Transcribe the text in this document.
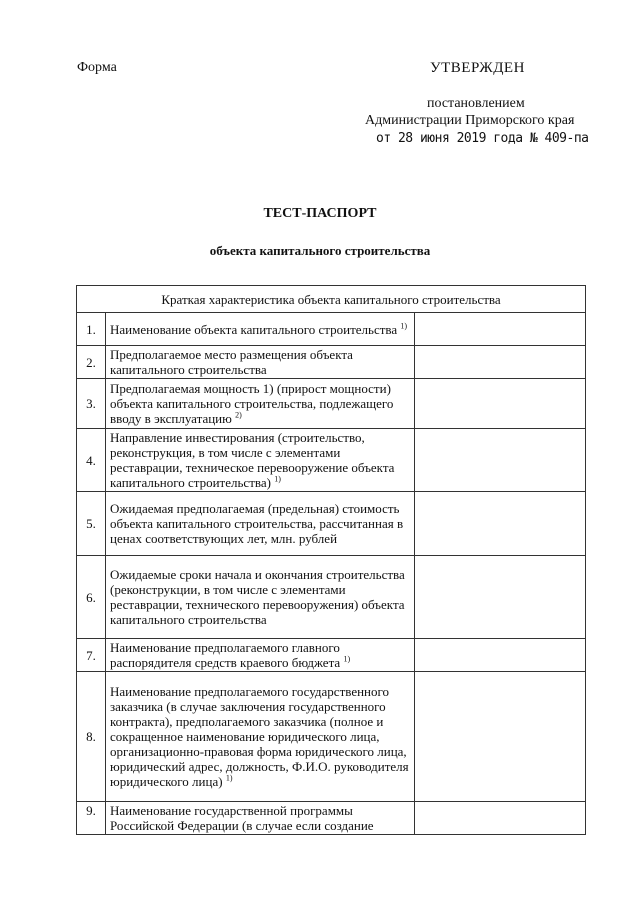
Форма	УТВЕРЖДЕН
постановлением
Администрации Приморского края
от 28 июня 2019 года № 409-па
ТЕСТ-ПАСПОРТ
объекта капитального строительства
Краткая характеристика объекта капитального строительства		
1.	Наименование объекта капитального строительства $^{1)}$	
2.	Предполагаемое место размещения объекта капитального строительства	
3.	Предполагаемая мощность 1) (прирост мощности) объекта капитального строительства, подлежащего вводу в эксплуатацию $^{2)}$	
4.	Направление инвестирования (строительство, реконструкция, в том числе с элементами реставрации, техническое перевооружение объекта капитального строительства) $^{1)}$	
5.	Ожидаемая предполагаемая (предельная) стоимость объекта капитального строительства, рассчитанная в ценах соответствующих лет, млн. рублей	
6.	Ожидаемые сроки начала и окончания строительства (реконструкции, в том числе с элементами реставрации, технического перевооружения) объекта капитального строительства	
7.	Наименование предполагаемого главного распорядителя средств краевого бюджета $^{1)}$	
8.	Наименование предполагаемого государственного заказчика (в случае заключения государственного контракта), предполагаемого заказчика (полное и сокращенное наименование юридического лица, организационно-правовая форма юридического лица, юридический адрес, должность, Ф.И.О. руководителя юридического лица) $^{1)}$	
9.	Наименование государственной программы Российской Федерации (в случае если создание	
